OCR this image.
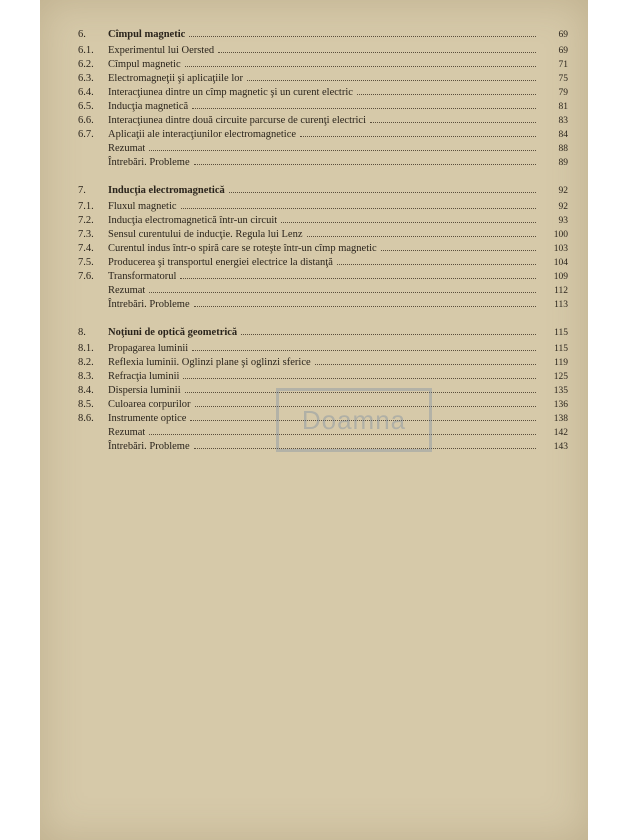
6.	Cîmpul magnetic	69
6.1.	Experimentul lui Oersted	69
6.2.	Cîmpul magnetic	71
6.3.	Electromagneţii şi aplicaţiile lor	75
6.4.	Interacţiunea dintre un cîmp magnetic şi un curent electric	79
6.5.	Inducţia magnetică	81
6.6.	Interacţiunea dintre două circuite parcurse de curenţi electrici	83
6.7.	Aplicaţii ale interacţiunilor electromagnetice	84
Rezumat	88
Întrebări. Probleme	89
7.	Inducţia electromagnetică	92
7.1.	Fluxul magnetic	92
7.2.	Inducţia electromagnetică într-un circuit	93
7.3.	Sensul curentului de inducţie. Regula lui Lenz	100
7.4.	Curentul indus într-o spiră care se roteşte într-un cîmp magnetic	103
7.5.	Producerea şi transportul energiei electrice la distanţă	104
7.6.	Transformatorul	109
Rezumat	112
Întrebări. Probleme	113
8.	Noţiuni de optică geometrică	115
8.1.	Propagarea luminii	115
8.2.	Reflexia luminii. Oglinzi plane şi oglinzi sferice	119
8.3.	Refracţia luminii	125
8.4.	Dispersia luminii	135
8.5.	Culoarea corpurilor	136
8.6.	Instrumente optice	138
Rezumat	142
Întrebări. Probleme	143
Doamna
